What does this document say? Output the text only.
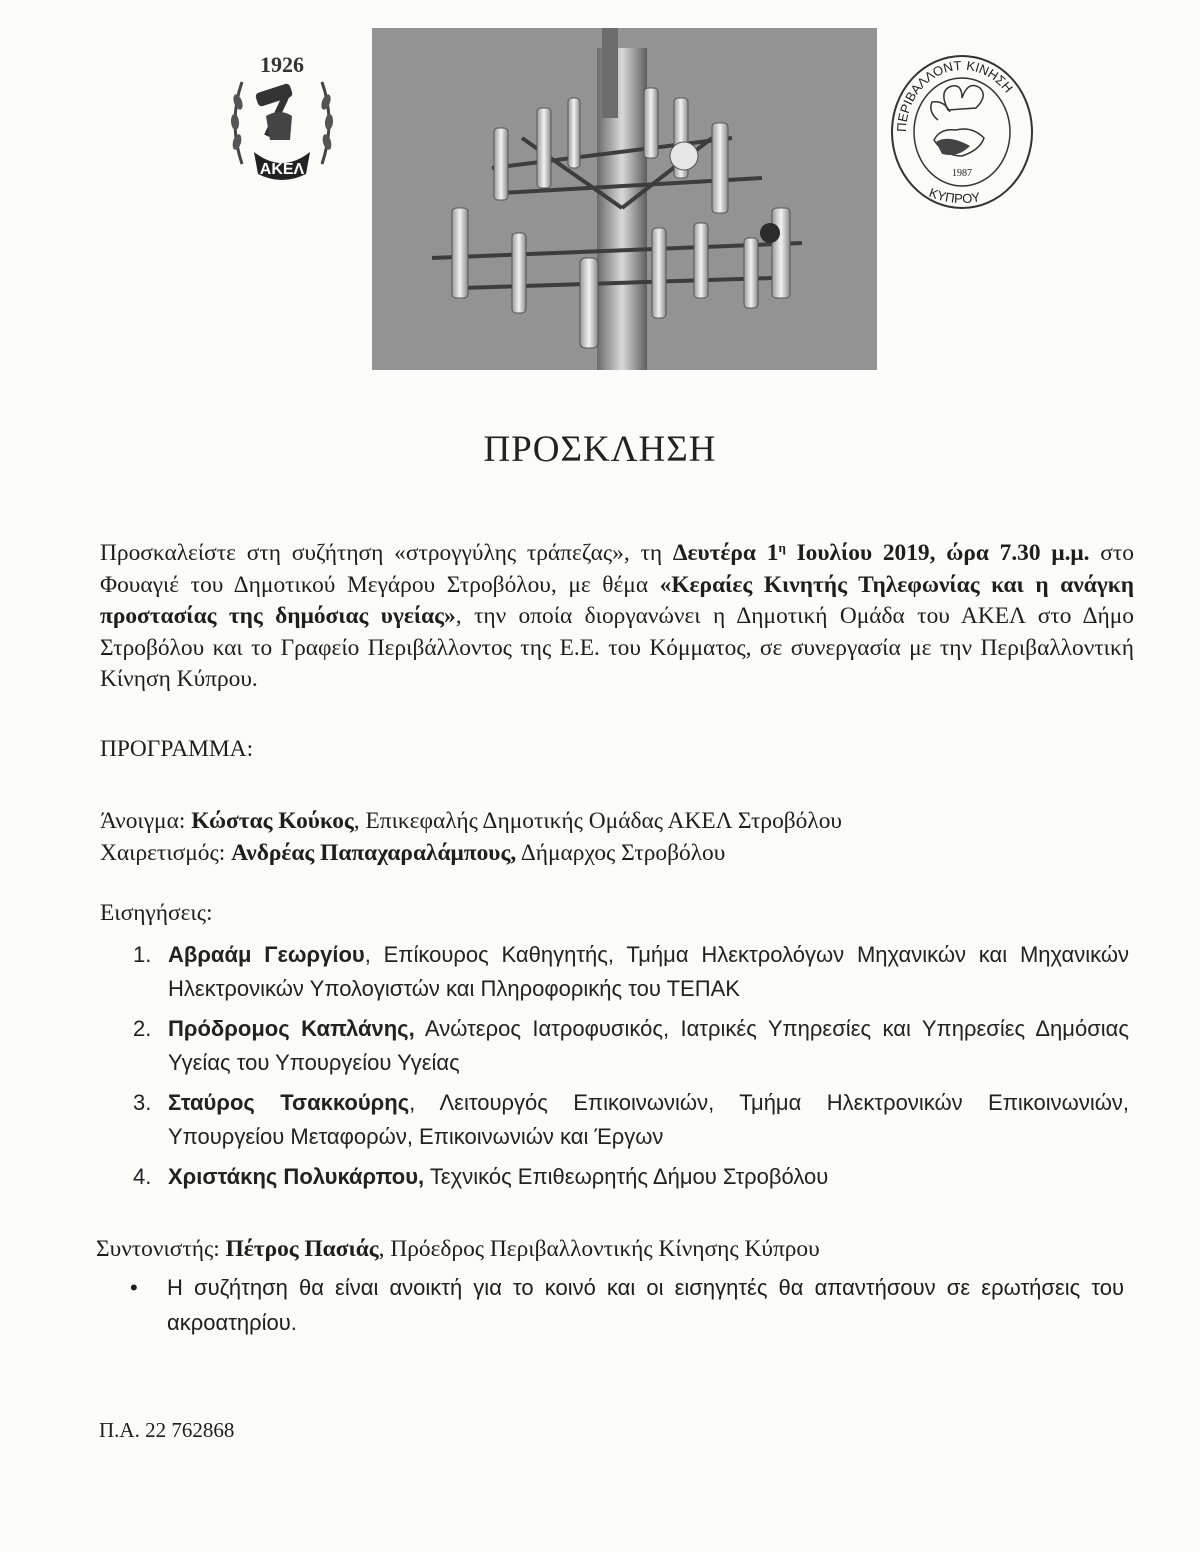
1926
ΑΚΕΛ
ΠΕΡΙΒΑΛΛΟΝΤ ΚΙΝΗΣΗ
ΚΥΠΡΟΥ
1987
ΠΡΟΣΚΛΗΣΗ
Προσκαλείστε στη συζήτηση «στρογγύλης τράπεζας», τη Δευτέρα $1^\eta$ Ιουλίου 2019, ώρα 7.30 μ.μ. στο Φουαγιέ του Δημοτικού Μεγάρου Στροβόλου, με θέμα «Κεραίες Κινητής Τηλεφωνίας και η ανάγκη προστασίας της δημόσιας υγείας», την οποία διοργανώνει η Δημοτική Ομάδα του ΑΚΕΛ στο Δήμο Στροβόλου και το Γραφείο Περιβάλλοντος της Ε.Ε. του Κόμματος, σε συνεργασία με την Περιβαλλοντική Κίνηση Κύπρου.
ΠΡΟΓΡΑΜΜΑ:
Άνοιγμα: Κώστας Κούκος, Επικεφαλής Δημοτικής Ομάδας ΑΚΕΛ Στροβόλου
Χαιρετισμός: Ανδρέας Παπαχαραλάμπους, Δήμαρχος Στροβόλου
Εισηγήσεις:
1. Αβραάμ Γεωργίου, Επίκουρος Καθηγητής, Τμήμα Ηλεκτρολόγων Μηχανικών και Μηχανικών Ηλεκτρονικών Υπολογιστών και Πληροφορικής του ΤΕΠΑΚ
2. Πρόδρομος Καπλάνης, Ανώτερος Ιατροφυσικός, Ιατρικές Υπηρεσίες και Υπηρεσίες Δημόσιας Υγείας του Υπουργείου Υγείας
3. Σταύρος Τσακκούρης, Λειτουργός Επικοινωνιών, Τμήμα Ηλεκτρονικών Επικοινωνιών, Υπουργείου Μεταφορών, Επικοινωνιών και Έργων
4. Χριστάκης Πολυκάρπου, Τεχνικός Επιθεωρητής Δήμου Στροβόλου
Συντονιστής: Πέτρος Πασιάς, Πρόεδρος Περιβαλλοντικής Κίνησης Κύπρου
• Η συζήτηση θα είναι ανοικτή για το κοινό και οι εισηγητές θα απαντήσουν σε ερωτήσεις του ακροατηρίου.
Π.Α. 22 762868
